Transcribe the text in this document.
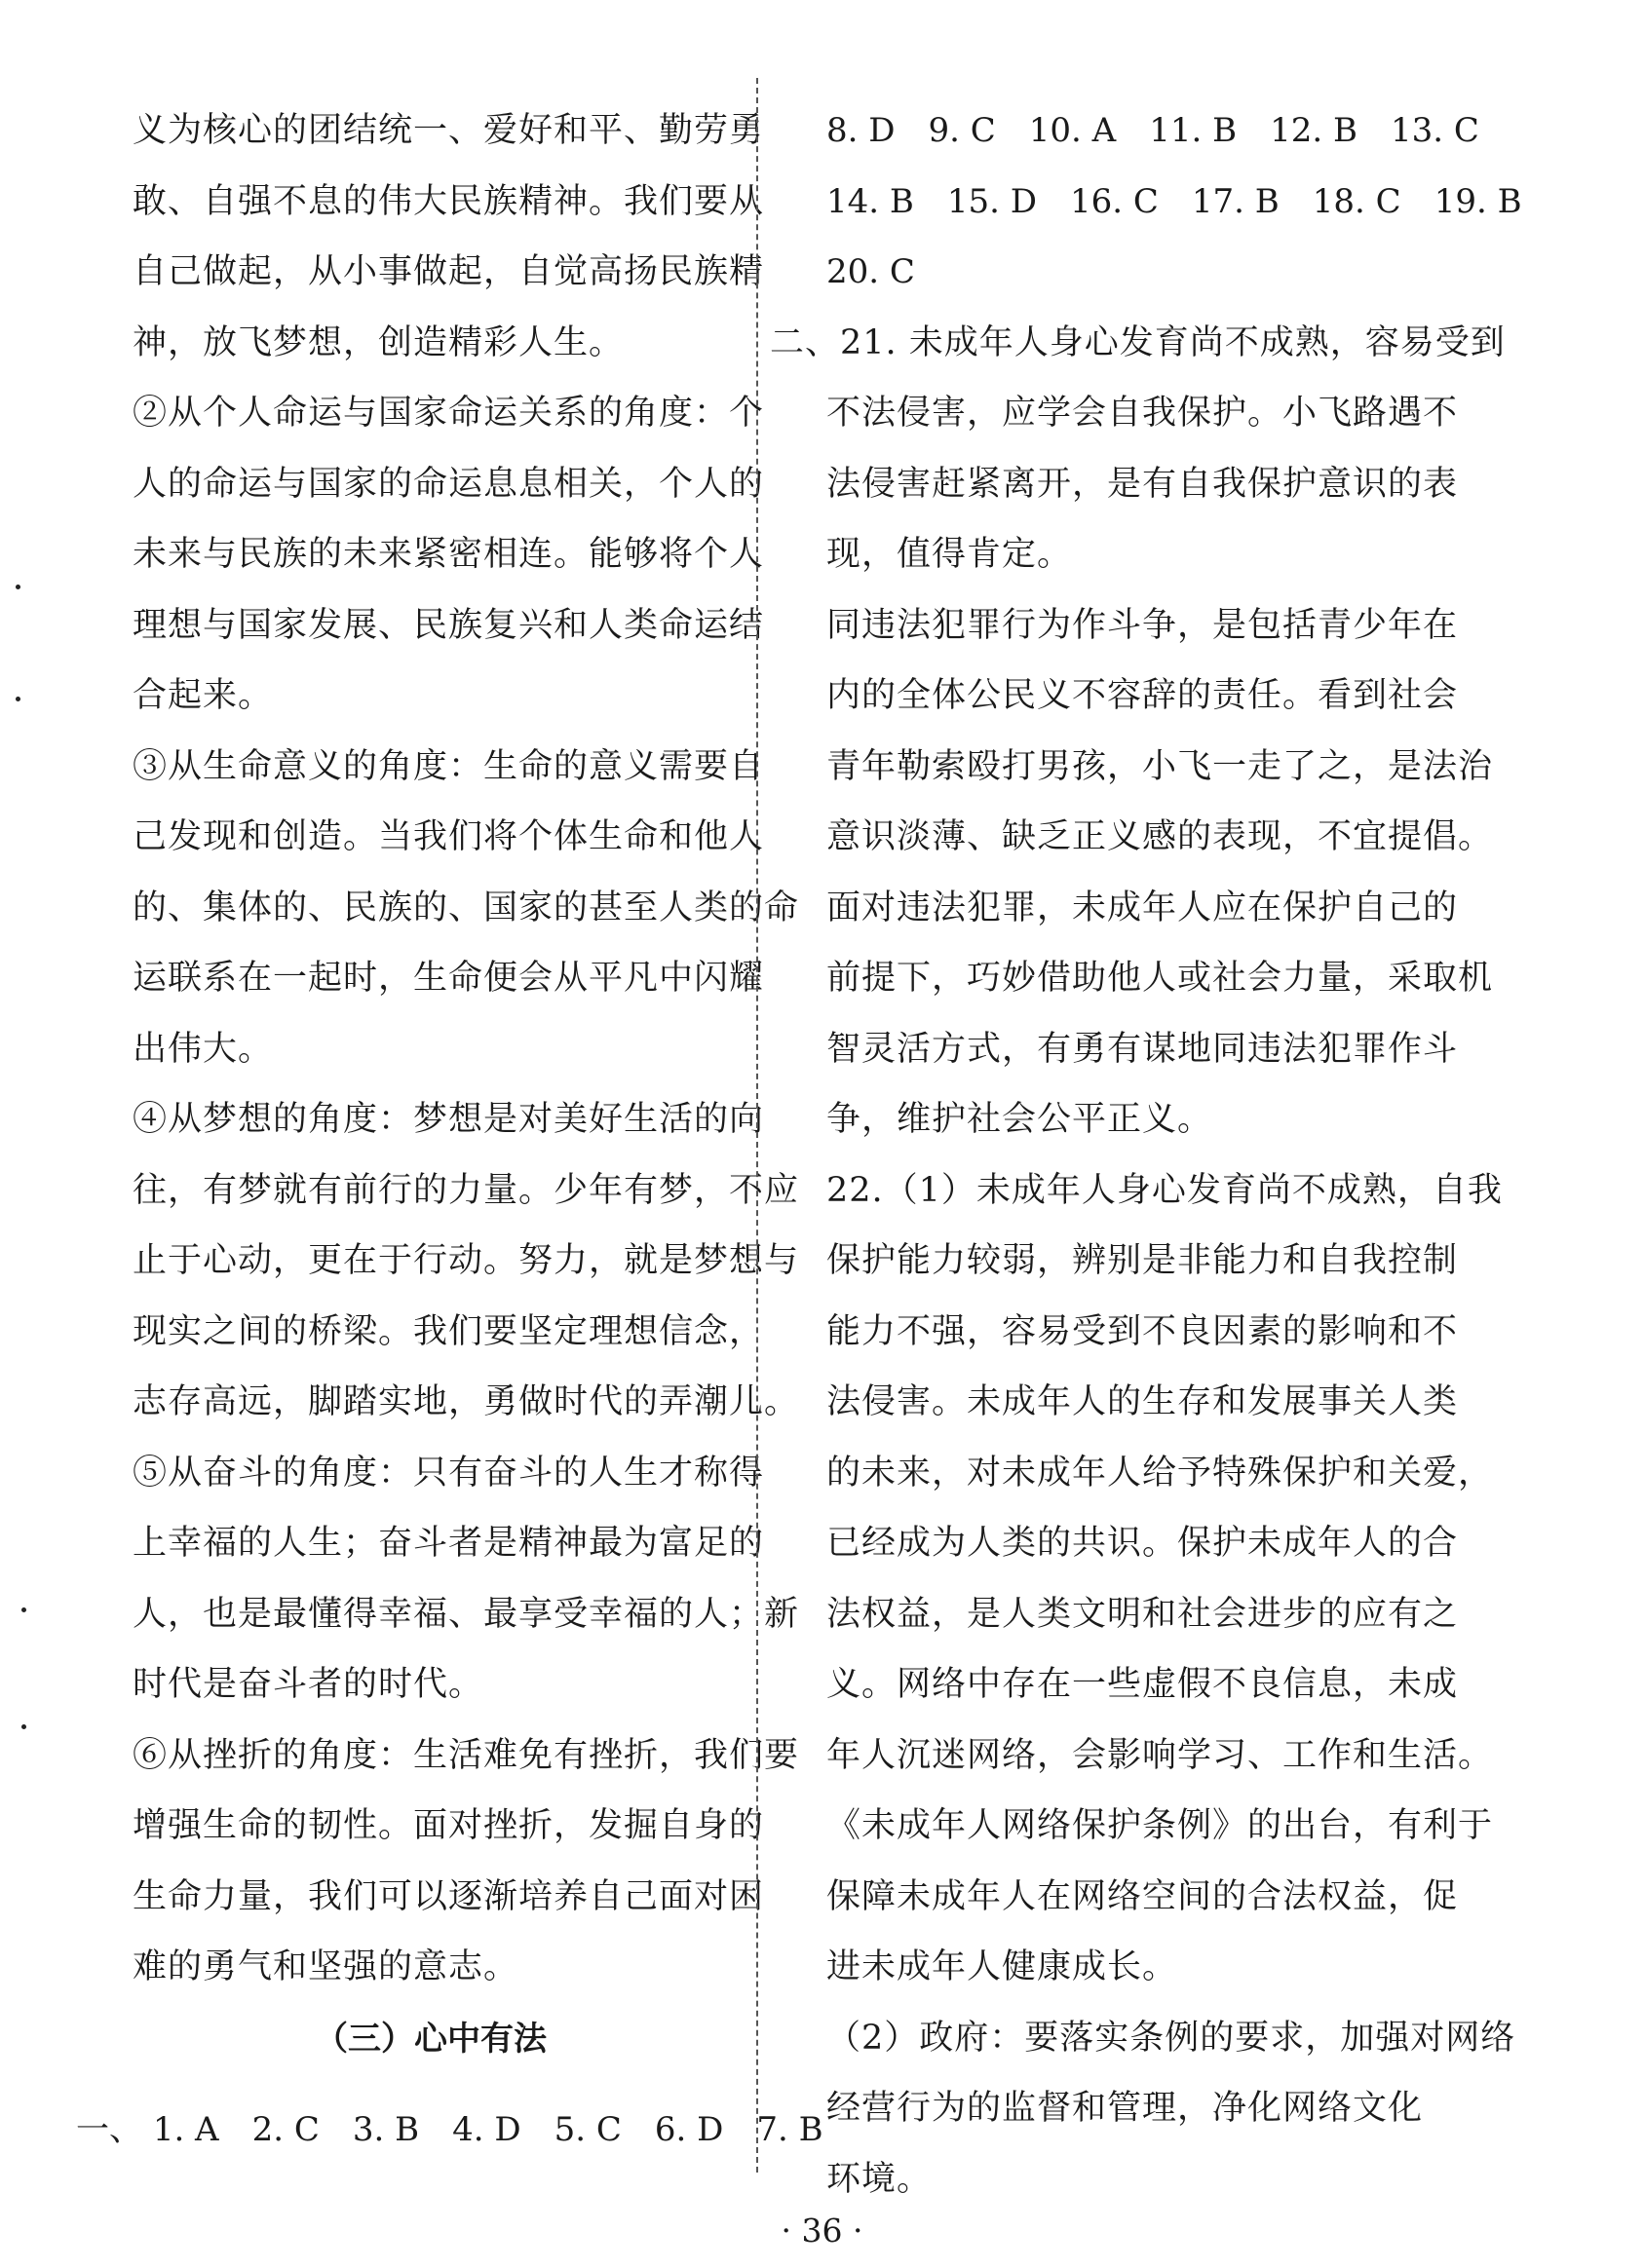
义为核心的团结统一、爱好和平、勤劳勇
敢、自强不息的伟大民族精神。我们要从
自己做起，从小事做起，自觉高扬民族精
神，放飞梦想，创造精彩人生。
②从个人命运与国家命运关系的角度：个
人的命运与国家的命运息息相关，个人的
未来与民族的未来紧密相连。能够将个人
理想与国家发展、民族复兴和人类命运结
合起来。
③从生命意义的角度：生命的意义需要自
己发现和创造。当我们将个体生命和他人
的、集体的、民族的、国家的甚至人类的命
运联系在一起时，生命便会从平凡中闪耀
出伟大。
④从梦想的角度：梦想是对美好生活的向
往，有梦就有前行的力量。少年有梦，不应
止于心动，更在于行动。努力，就是梦想与
现实之间的桥梁。我们要坚定理想信念，
志存高远，脚踏实地，勇做时代的弄潮儿。
⑤从奋斗的角度：只有奋斗的人生才称得
上幸福的人生；奋斗者是精神最为富足的
人，也是最懂得幸福、最享受幸福的人；新
时代是奋斗者的时代。
⑥从挫折的角度：生活难免有挫折，我们要
增强生命的韧性。面对挫折，发掘自身的
生命力量，我们可以逐渐培养自己面对困
难的勇气和坚强的意志。
（三）心中有法
一、 1. A 2. C 3. B 4. D 5. C 6. D 7. B
8. D 9. C 10. A 11. B 12. B 13. C
14. B 15. D 16. C 17. B 18. C 19. B
20. C
二、21. 未成年人身心发育尚不成熟，容易受到
不法侵害，应学会自我保护。小飞路遇不
法侵害赶紧离开，是有自我保护意识的表
现，值得肯定。
同违法犯罪行为作斗争，是包括青少年在
内的全体公民义不容辞的责任。看到社会
青年勒索殴打男孩，小飞一走了之，是法治
意识淡薄、缺乏正义感的表现，不宜提倡。
面对违法犯罪，未成年人应在保护自己的
前提下，巧妙借助他人或社会力量，采取机
智灵活方式，有勇有谋地同违法犯罪作斗
争，维护社会公平正义。
22.（1）未成年人身心发育尚不成熟，自我
保护能力较弱，辨别是非能力和自我控制
能力不强，容易受到不良因素的影响和不
法侵害。未成年人的生存和发展事关人类
的未来，对未成年人给予特殊保护和关爱，
已经成为人类的共识。保护未成年人的合
法权益，是人类文明和社会进步的应有之
义。网络中存在一些虚假不良信息，未成
年人沉迷网络，会影响学习、工作和生活。
《未成年人网络保护条例》的出台，有利于
保障未成年人在网络空间的合法权益，促
进未成年人健康成长。
（2）政府：要落实条例的要求，加强对网络
经营行为的监督和管理，净化网络文化
环境。
· 36 ·
